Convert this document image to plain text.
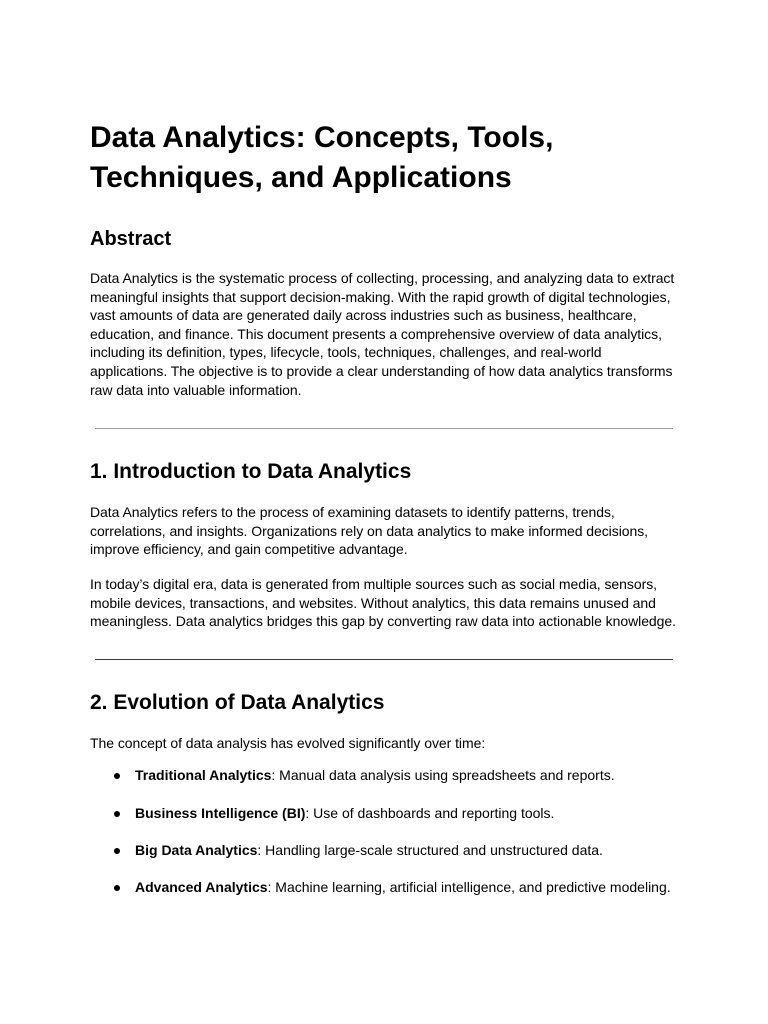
Data Analytics: Concepts, Tools,
Techniques, and Applications
Abstract

Data Analytics is the systematic process of collecting, processing, and analyzing data to extract
meaningful insights that support decision-making. With the rapid growth of digital technologies,
vast amounts of data are generated daily across industries such as business, healthcare,
education, and finance. This document presents a comprehensive overview of data analytics,
including its definition, types, lifecycle, tools, techniques, challenges, and real-world
applications. The objective is to provide a clear understanding of how data analytics transforms
raw data into valuable information.

1. Introduction to Data Analytics

Data Analytics refers to the process of examining datasets to identify patterns, trends,
correlations, and insights. Organizations rely on data analytics to make informed decisions,
improve efficiency, and gain competitive advantage.

In today’s digital era, data is generated from multiple sources such as social media, sensors,
mobile devices, transactions, and websites. Without analytics, this data remains unused and
meaningless. Data analytics bridges this gap by converting raw data into actionable knowledge.

2. Evolution of Data Analytics

The concept of data analysis has evolved significantly over time:

Traditional Analytics: Manual data analysis using spreadsheets and reports.
Business Intelligence (BI): Use of dashboards and reporting tools.
Big Data Analytics: Handling large-scale structured and unstructured data.
Advanced Analytics: Machine learning, artificial intelligence, and predictive modeling.
